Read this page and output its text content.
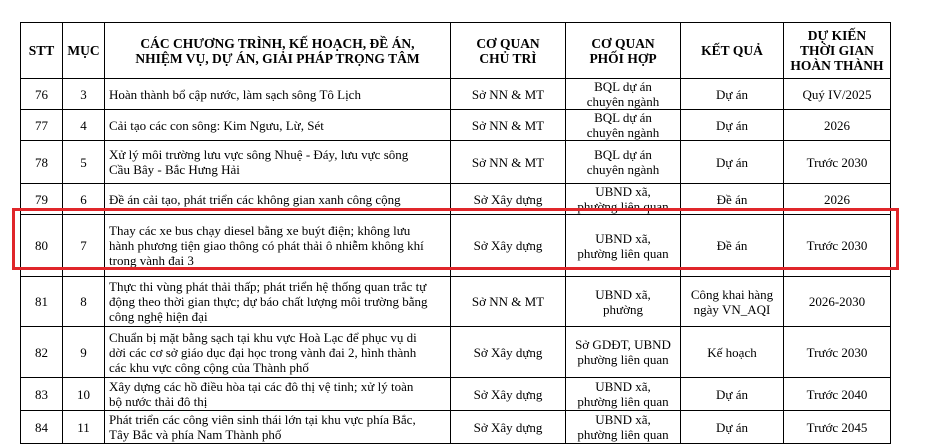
STT	MỤC	CÁC CHƯƠNG TRÌNH, KẾ HOẠCH, ĐỀ ÁN,
NHIỆM VỤ, DỰ ÁN, GIẢI PHÁP TRỌNG TÂM	CƠ QUAN
CHỦ TRÌ	CƠ QUAN
PHỐI HỢP	KẾT QUẢ	DỰ KIẾN
THỜI GIAN
HOÀN THÀNH
76	3	Hoàn thành bổ cập nước, làm sạch sông Tô Lịch	Sở NN & MT	BQL dự án
chuyên ngành	Dự án	Quý IV/2025
77	4	Cải tạo các con sông: Kim Ngưu, Lừ, Sét	Sở NN & MT	BQL dự án
chuyên ngành	Dự án	2026
78	5	Xử lý môi trường lưu vực sông Nhuệ - Đáy, lưu vực sông
Cầu Bây - Bắc Hưng Hải	Sở NN & MT	BQL dự án
chuyên ngành	Dự án	Trước 2030
79	6	Đề án cải tạo, phát triển các không gian xanh công cộng	Sở Xây dựng	UBND xã,
phường liên quan	Đề án	2026
80	7	Thay các xe bus chạy diesel bằng xe buýt điện; không lưu
hành phương tiện giao thông có phát thải ô nhiễm không khí
trong vành đai 3	Sở Xây dựng	UBND xã,
phường liên quan	Đề án	Trước 2030
81	8	Thực thi vùng phát thải thấp; phát triển hệ thống quan trắc tự
động theo thời gian thực; dự báo chất lượng môi trường bằng
công nghệ hiện đại	Sở NN & MT	UBND xã,
phường	Công khai hàng
ngày VN_AQI	2026-2030
82	9	Chuẩn bị mặt bằng sạch tại khu vực Hoà Lạc để phục vụ di
dời các cơ sở giáo dục đại học trong vành đai 2, hình thành
các khu vực công cộng của Thành phố	Sở Xây dựng	Sở GDĐT, UBND
phường liên quan	Kế hoạch	Trước 2030
83	10	Xây dựng các hồ điều hòa tại các đô thị vệ tinh; xử lý toàn
bộ nước thải đô thị	Sở Xây dựng	UBND xã,
phường liên quan	Dự án	Trước 2040
84	11	Phát triển các công viên sinh thái lớn tại khu vực phía Bắc,
Tây Bắc và phía Nam Thành phố	Sở Xây dựng	UBND xã,
phường liên quan	Dự án	Trước 2045
